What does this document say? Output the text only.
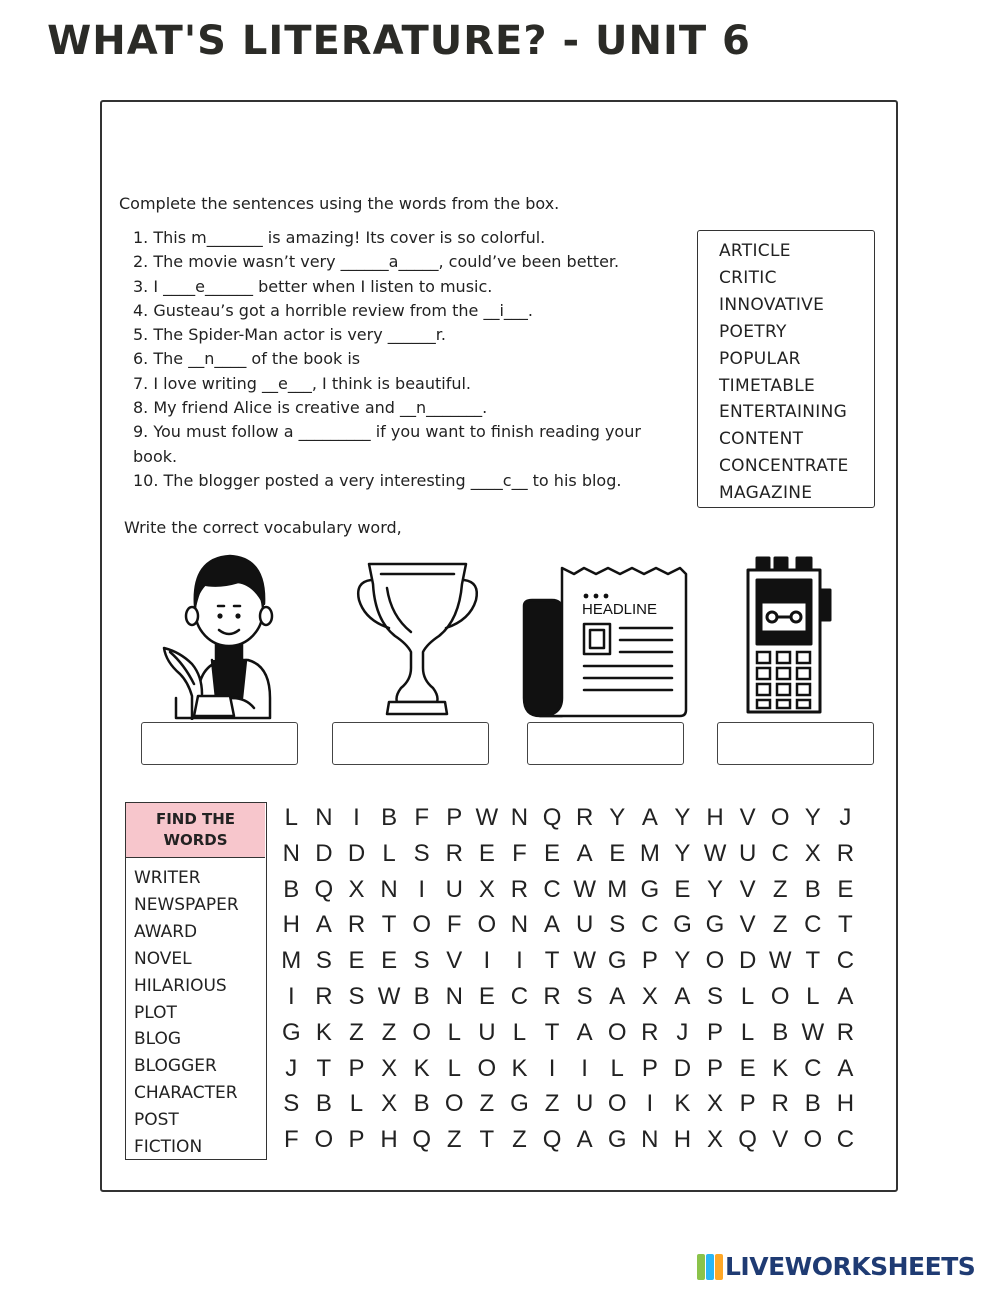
WHAT'S LITERATURE? - UNIT 6
Complete the sentences using the words from the box.
1. This m_______ is amazing! Its cover is so colorful.
2. The movie wasn’t very ______a_____, could’ve been better.
3. I ____e______ better when I listen to music.
4. Gusteau’s got a horrible review from the __i___.
5. The Spider-Man actor is very ______r.
6. The __n____ of the book is
7. I love writing __e___, I think is beautiful.
8. My friend Alice is creative and __n_______.
9. You must follow a _________ if you want to finish reading your book.
10. The blogger posted a very interesting ____c__ to his blog.
ARTICLE
CRITIC
INNOVATIVE
POETRY
POPULAR
TIMETABLE
ENTERTAINING
CONTENT
CONCENTRATE
MAGAZINE
Write the correct vocabulary word,
HEADLINE
FIND THE WORDS
WRITER
NEWSPAPER
AWARD
NOVEL
HILARIOUS
PLOT
BLOG
BLOGGER
CHARACTER
POST
FICTION
L N I B F P W N Q R Y A Y H V O Y J
N D D L S R E F E A E M Y W U C X R
B Q X N I U X R C W M G E Y V Z B E
H A R T O F O N A U S C G G V Z C T
M S E E S V I	I T W G P Y O D W T C
I R S W B N E C R S A X A S L O L A
G K Z Z O L U L T A O R J P L B W R
J T P X K L O K I	I L P D P E K C A
S B L X B O Z G Z U O I K X P R B H
F O P H Q Z T Z Q A G N H X Q V O C
LIVEWORKSHEETS
